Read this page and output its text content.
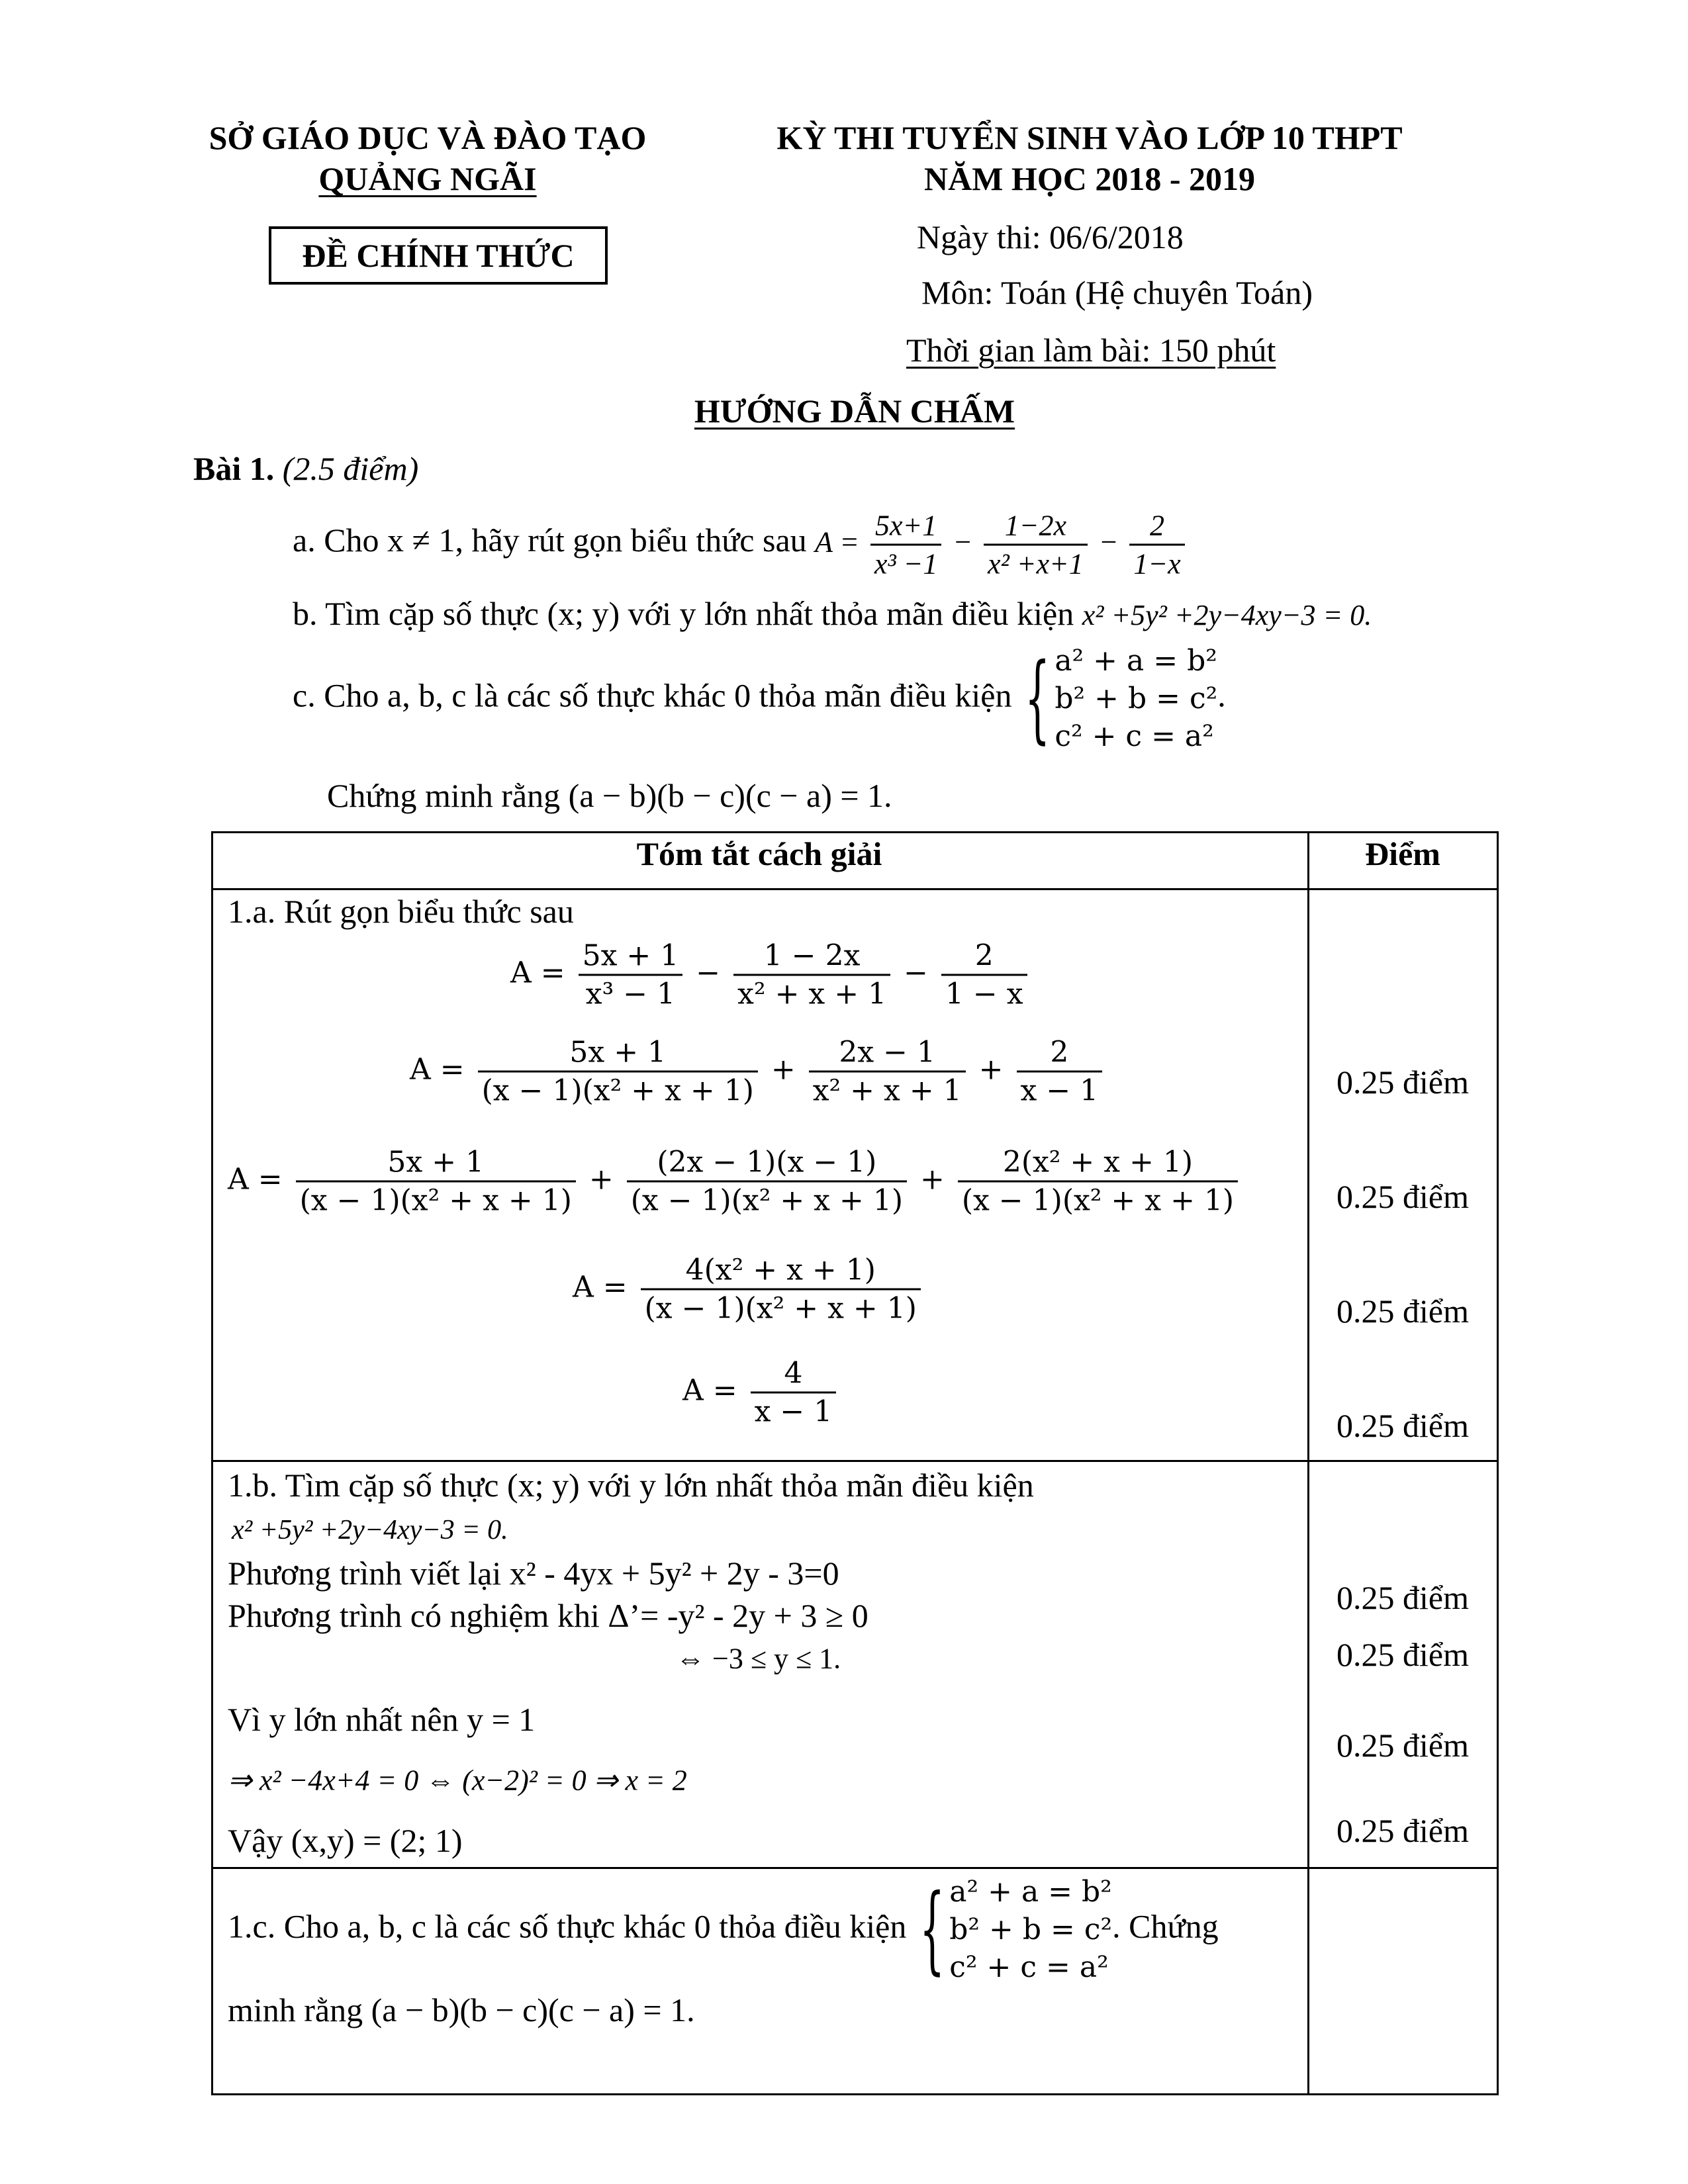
SỞ GIÁO DỤC VÀ ĐÀO TẠO
QUẢNG NGÃI
ĐỀ CHÍNH THỨC
KỲ THI TUYỂN SINH VÀO LỚP 10 THPT
NĂM HỌC 2018 - 2019
Ngày thi: 06/6/2018
Môn: Toán (Hệ chuyên Toán)
Thời gian làm bài: 150 phút
HƯỚNG DẪN CHẤM
Bài 1. (2.5 điểm)
a. Cho x ≠ 1, hãy rút gọn biểu thức sau $A = \frac{5x+1}{\text{x³ −1}} - \frac{1-2x}{\text{x² +x+1}} - \frac{2}{1-x}$
b. Tìm cặp số thực (x; y) với y lớn nhất thỏa mãn điều kiện x² +5y² +2y−4xy−3 = 0.
c. Cho a, b, c là các số thực khác 0 thỏa mãn điều kiện { a² + a = b²
b² + b = c²
c² + c = a²
.
Chứng minh rằng (a − b)(b − c)(c − a) = 1.
Tóm tắt cách giải	Điểm
1.a. Rút gọn biểu thức sau
$A = \frac{5x + 1}{\text{x³ − 1}} - \frac{1 - 2x}{\text{x² + x + 1}} - \frac{2}{1 - x}$
$A = \frac{5x + 1}{\text{(x − 1)(x² + x + 1)}} + \frac{2x - 1}{\text{x² + x + 1}} + \frac{2}{x - 1}$
$A = \frac{5x + 1}{\text{(x − 1)(x² + x + 1)}} + \frac{(2x - 1)(x - 1)}{\text{(x − 1)(x² + x + 1)}} + \frac{\text{2(x² + x + 1)}}{\text{(x − 1)(x² + x + 1)}}$
$A = \frac{\text{4(x² + x + 1)}}{\text{(x − 1)(x² + x + 1)}}$
$A = \frac{4}{x - 1}$
0.25 điểm
0.25 điểm
0.25 điểm
0.25 điểm
1.b. Tìm cặp số thực (x; y) với y lớn nhất thỏa mãn điều kiện
x² +5y² +2y−4xy−3 = 0.
Phương trình viết lại x² - 4yx + 5y² + 2y - 3=0
Phương trình có nghiệm khi Δ’= -y² - 2y + 3 ≥ 0
⇔ −3 ≤ y ≤ 1.
Vì y lớn nhất nên y = 1
⇒ x² −4x+4 = 0 ⇔ (x−2)² = 0 ⇒ x = 2
Vậy (x,y) = (2; 1)
0.25 điểm
0.25 điểm
0.25 điểm
0.25 điểm
1.c. Cho a, b, c là các số thực khác 0 thỏa điều kiện { a² + a = b²
b² + b = c²
c² + c = a²
. Chứng
minh rằng (a − b)(b − c)(c − a) = 1.
